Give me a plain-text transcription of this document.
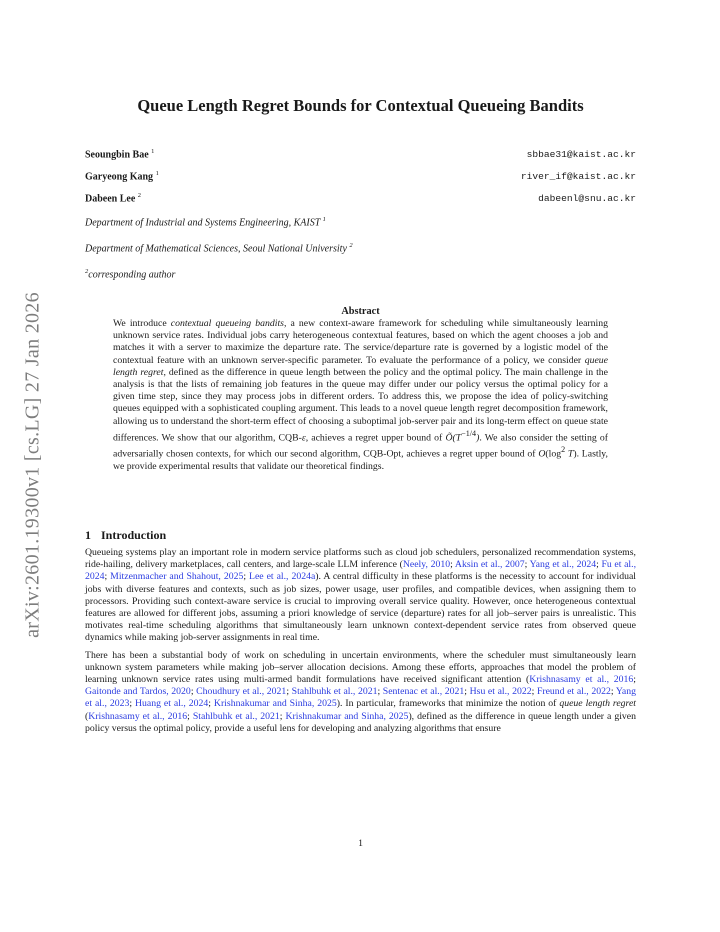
arXiv:2601.19300v1 [cs.LG] 27 Jan 2026
Queue Length Regret Bounds for Contextual Queueing Bandits
Seoungbin Bae $^1$	sbbae31@kaist.ac.kr
Garyeong Kang $^1$	river_if@kaist.ac.kr
Dabeen Lee $^2$	dabeenl@snu.ac.kr
Department of Industrial and Systems Engineering, KAIST $^1$
Department of Mathematical Sciences, Seoul National University $^2$
$^2$corresponding author
Abstract

We introduce contextual queueing bandits, a new context-aware framework for scheduling while simultaneously learning unknown service rates. Individual jobs carry heterogeneous contextual features, based on which the agent chooses a job and matches it with a server to maximize the departure rate. The service/departure rate is governed by a logistic model of the contextual feature with an unknown server-specific parameter. To evaluate the performance of a policy, we consider queue length regret, defined as the difference in queue length between the policy and the optimal policy. The main challenge in the analysis is that the lists of remaining job features in the queue may differ under our policy versus the optimal policy for a given time step, since they may process jobs in different orders. To address this, we propose the idea of policy-switching queues equipped with a sophisticated coupling argument. This leads to a novel queue length regret decomposition framework, allowing us to understand the short-term effect of choosing a suboptimal job-server pair and its long-term effect on queue state differences. We show that our algorithm, CQB-ε, achieves a regret upper bound of $Õ(T^{-1/4})$. We also consider the setting of adversarially chosen contexts, for which our second algorithm, CQB-Opt, achieves a regret upper bound of $O(\log^2$ T). Lastly, we provide experimental results that validate our theoretical findings.

1 Introduction

Queueing systems play an important role in modern service platforms such as cloud job schedulers, personalized recommendation systems, ride-hailing, delivery marketplaces, call centers, and large-scale LLM inference (Neely, 2010; Aksin et al., 2007; Yang et al., 2024; Fu et al., 2024; Mitzenmacher and Shahout, 2025; Lee et al., 2024a). A central difficulty in these platforms is the necessity to account for individual jobs with diverse features and contexts, such as job sizes, power usage, user profiles, and compatible devices, when assigning them to processors. Providing such context-aware service is crucial to improving overall service quality. However, once heterogeneous contextual features are allowed for different jobs, assuming a priori knowledge of service (departure) rates for all job–server pairs is unrealistic. This motivates real-time scheduling algorithms that simultaneously learn unknown context-dependent service rates from observed queue dynamics while making job-server assignments in real time.

There has been a substantial body of work on scheduling in uncertain environments, where the scheduler must simultaneously learn unknown system parameters while making job–server allocation decisions. Among these efforts, approaches that model the problem of learning unknown service rates using multi-armed bandit formulations have received significant attention (Krishnasamy et al., 2016; Gaitonde and Tardos, 2020; Choudhury et al., 2021; Stahlbuhk et al., 2021; Sentenac et al., 2021; Hsu et al., 2022; Freund et al., 2022; Yang et al., 2023; Huang et al., 2024; Krishnakumar and Sinha, 2025). In particular, frameworks that minimize the notion of queue length regret (Krishnasamy et al., 2016; Stahlbuhk et al., 2021; Krishnakumar and Sinha, 2025), defined as the difference in queue length under a given policy versus the optimal policy, provide a useful lens for developing and analyzing algorithms that ensure

1
